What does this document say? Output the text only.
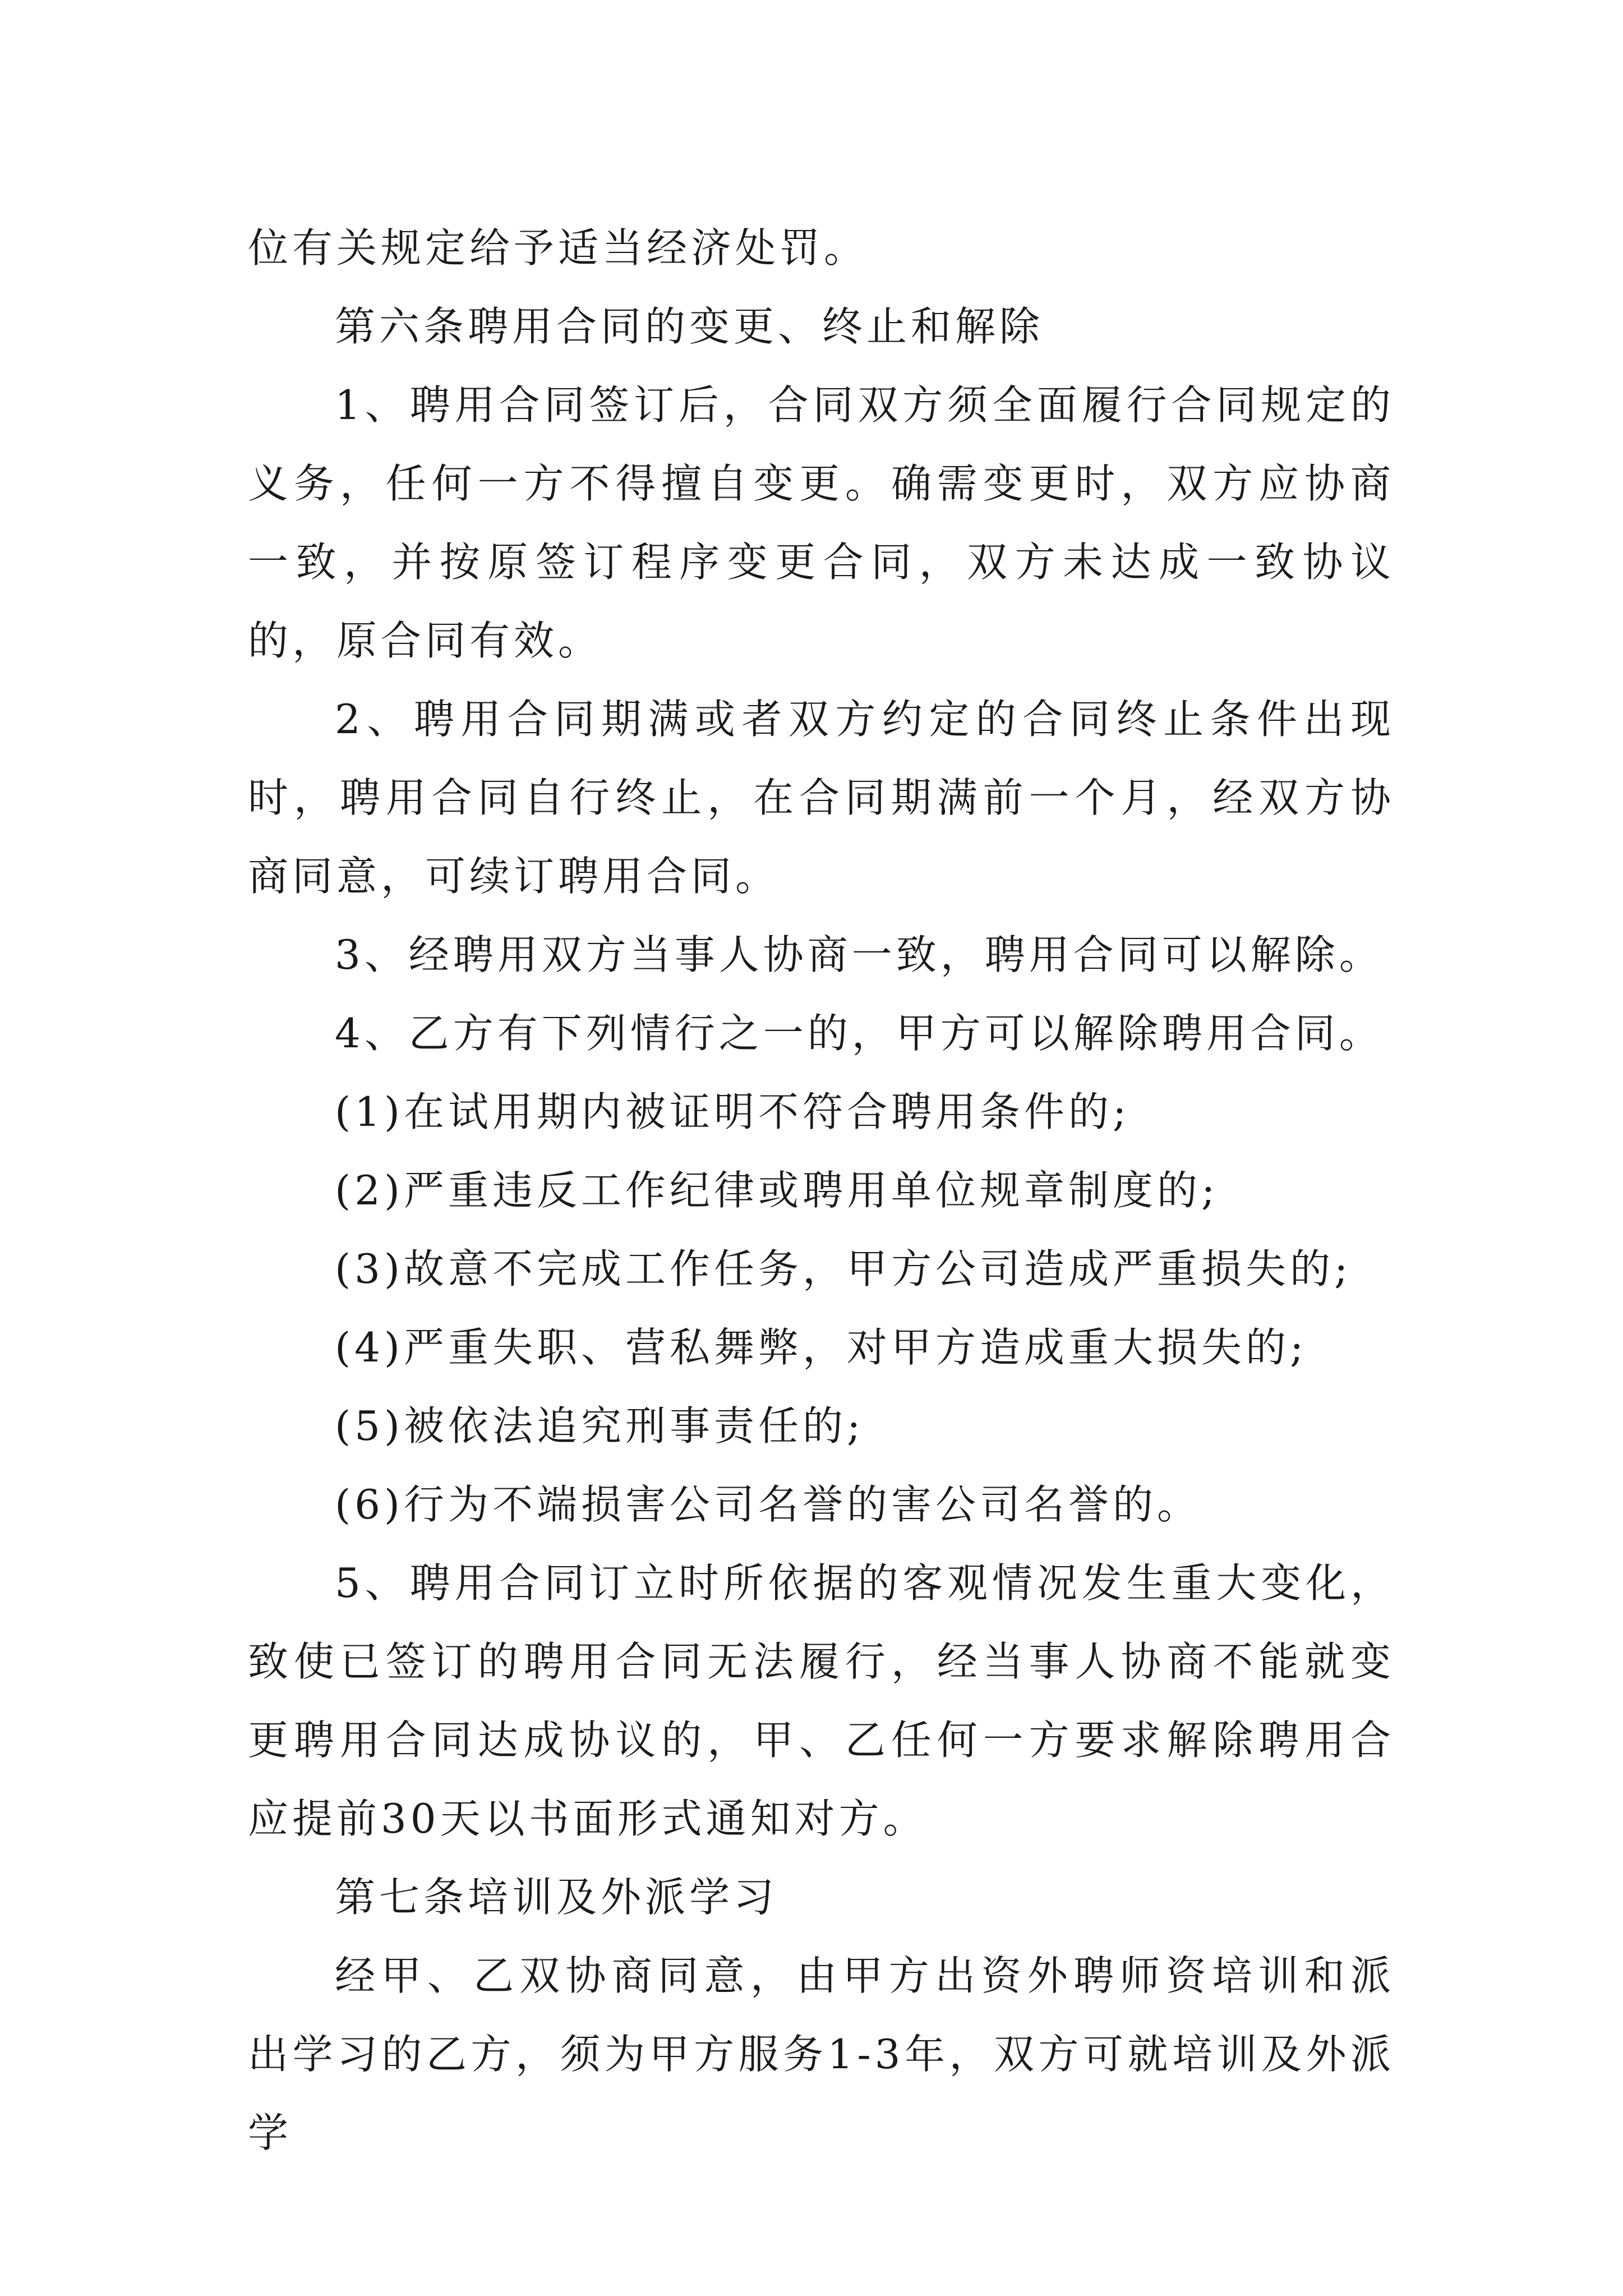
位有关规定给予适当经济处罚。

第六条聘用合同的变更、终止和解除

1、聘用合同签订后，合同双方须全面履行合同规定的义务，任何一方不得擅自变更。确需变更时，双方应协商一致，并按原签订程序变更合同，双方未达成一致协议的，原合同有效。

2、聘用合同期满或者双方约定的合同终止条件出现时，聘用合同自行终止，在合同期满前一个月，经双方协商同意，可续订聘用合同。

3、经聘用双方当事人协商一致，聘用合同可以解除。

4、乙方有下列情行之一的，甲方可以解除聘用合同。

(1)在试用期内被证明不符合聘用条件的;

(2)严重违反工作纪律或聘用单位规章制度的;

(3)故意不完成工作任务，甲方公司造成严重损失的;

(4)严重失职、营私舞弊，对甲方造成重大损失的;

(5)被依法追究刑事责任的;

(6)行为不端损害公司名誉的害公司名誉的。

5、聘用合同订立时所依据的客观情况发生重大变化，致使已签订的聘用合同无法履行，经当事人协商不能就变更聘用合同达成协议的，甲、乙任何一方要求解除聘用合应提前30天以书面形式通知对方。

第七条培训及外派学习

经甲、乙双协商同意，由甲方出资外聘师资培训和派出学习的乙方，须为甲方服务1-3年，双方可就培训及外派学
